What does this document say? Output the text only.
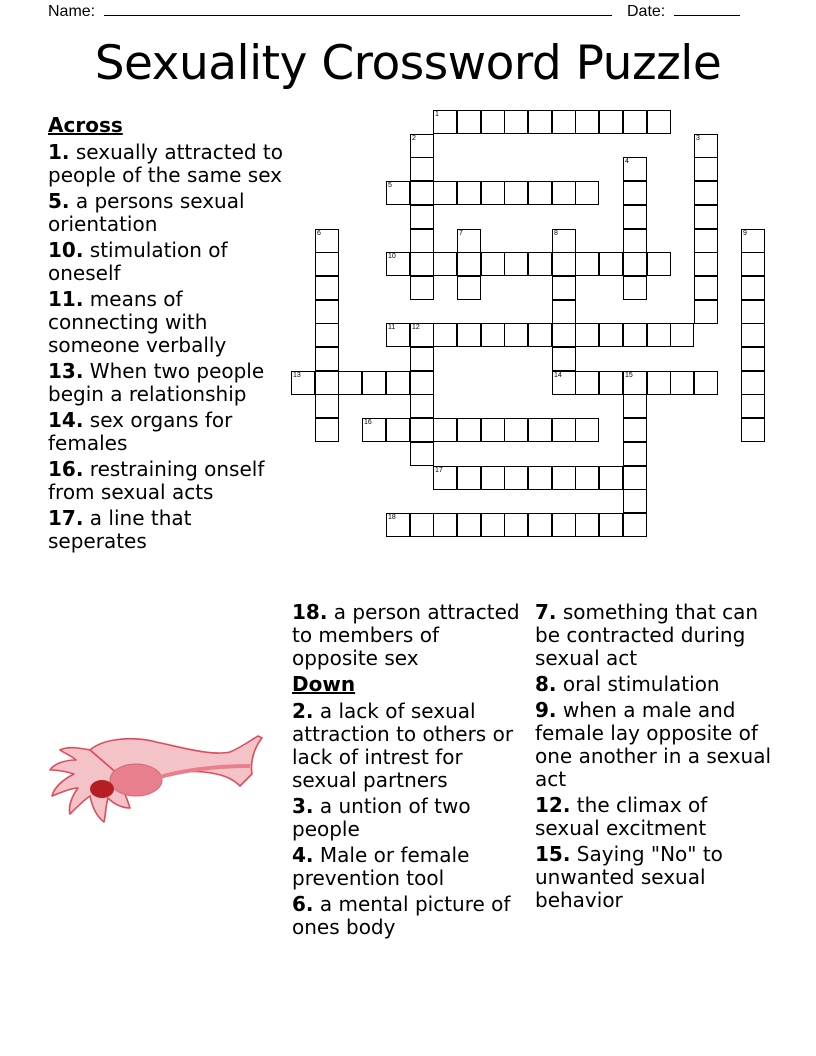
Name:	Date:
Sexuality Crossword Puzzle
1
5
10
11 12
13	14	15
16
17
18
2	3
4
6	7	8	9
Across
1. sexually attracted to people of the same sex
5. a persons sexual orientation
10. stimulation of oneself
11. means of connecting with someone verbally
13. When two people begin a relationship
14. sex organs for females
16. restraining onself from sexual acts
17. a line that seperates
18. a person attracted to members of opposite sex
Down
2. a lack of sexual attraction to others or lack of intrest for sexual partners
3. a untion of two people
4. Male or female prevention tool
6. a mental picture of ones body
7. something that can be contracted during sexual act
8. oral stimulation
9. when a male and female lay opposite of one another in a sexual act
12. the climax of sexual excitment
15. Saying "No" to unwanted sexual behavior
